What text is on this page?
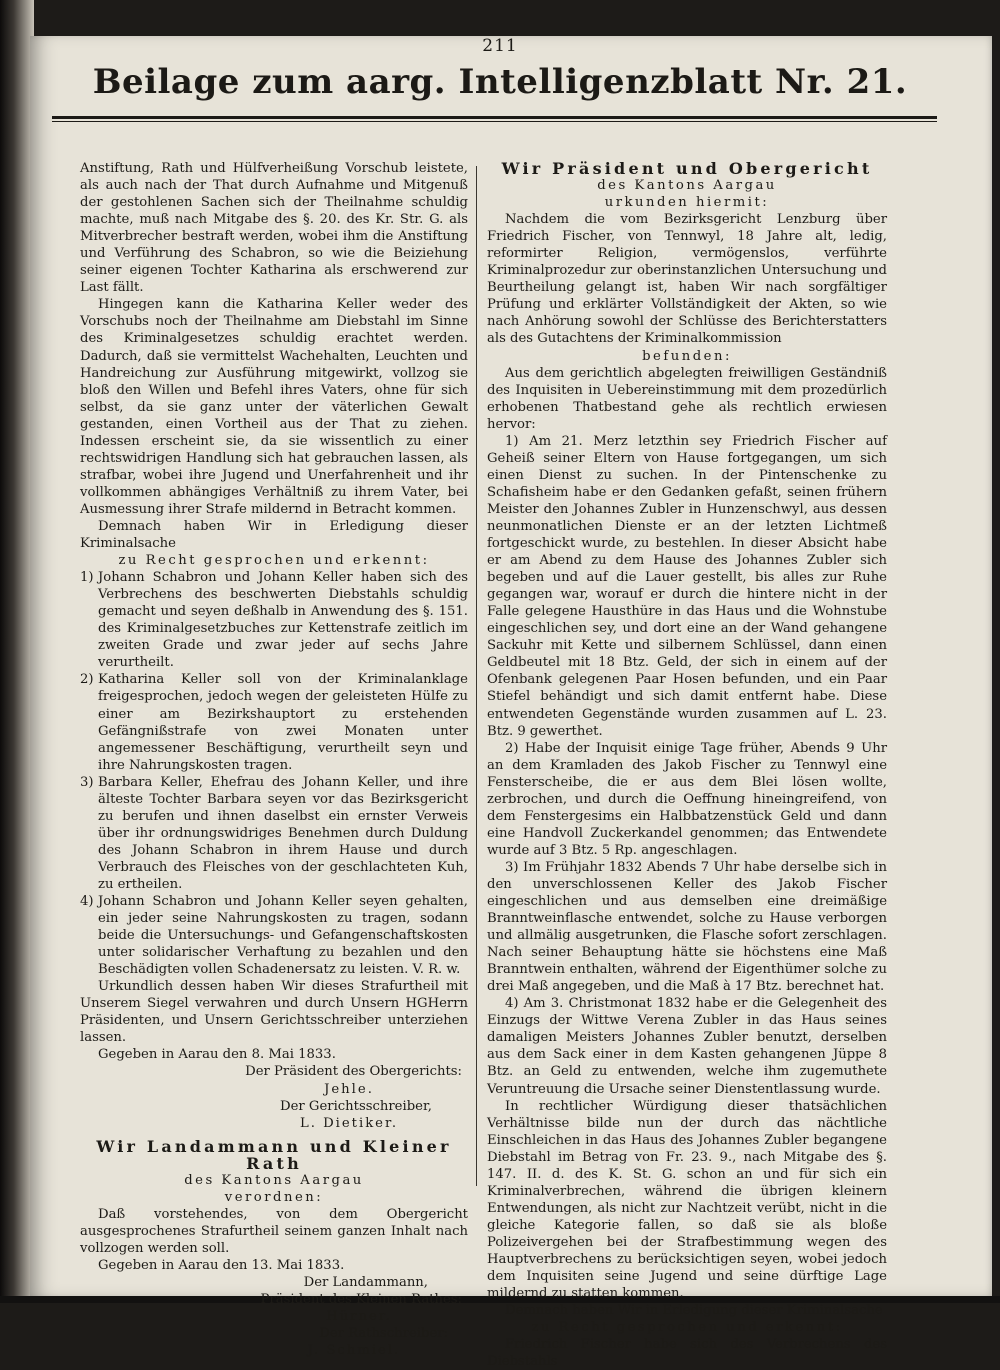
211
Beilage zum aarg. Intelligenzblatt Nr. 21.

Anstiftung, Rath und Hülfverheißung Vorschub leistete, als auch nach der That durch Aufnahme und Mitgenuß der gestohlenen Sachen sich der Theilnahme schuldig machte, muß nach Mitgabe des §. 20. des Kr. Str. G. als Mitverbrecher bestraft werden, wobei ihm die Anstiftung und Verführung des Schabron, so wie die Beiziehung seiner eigenen Tochter Katharina als erschwerend zur Last fällt.

Hingegen kann die Katharina Keller weder des Vorschubs noch der Theilnahme am Diebstahl im Sinne des Kriminalgesetzes schuldig erachtet werden. Dadurch, daß sie vermittelst Wachehalten, Leuchten und Handreichung zur Ausführung mitgewirkt, vollzog sie bloß den Willen und Befehl ihres Vaters, ohne für sich selbst, da sie ganz unter der väterlichen Gewalt gestanden, einen Vortheil aus der That zu ziehen. Indessen erscheint sie, da sie wissentlich zu einer rechtswidrigen Handlung sich hat gebrauchen lassen, als strafbar, wobei ihre Jugend und Unerfahrenheit und ihr vollkommen abhängiges Verhältniß zu ihrem Vater, bei Ausmessung ihrer Strafe mildernd in Betracht kommen.

Demnach haben Wir in Erledigung dieser Kriminalsache

zu Recht gesprochen und erkennt:

1) Johann Schabron und Johann Keller haben sich des Verbrechens des beschwerten Diebstahls schuldig gemacht und seyen deßhalb in Anwendung des §. 151. des Kriminalgesetzbuches zur Kettenstrafe zeitlich im zweiten Grade und zwar jeder auf sechs Jahre verurtheilt.
2) Katharina Keller soll von der Kriminalanklage freigesprochen, jedoch wegen der geleisteten Hülfe zu einer am Bezirkshauptort zu erstehenden Gefängnißstrafe von zwei Monaten unter angemessener Beschäftigung, verurtheilt seyn und ihre Nahrungskosten tragen.
3) Barbara Keller, Ehefrau des Johann Keller, und ihre älteste Tochter Barbara seyen vor das Bezirksgericht zu berufen und ihnen daselbst ein ernster Verweis über ihr ordnungswidriges Benehmen durch Duldung des Johann Schabron in ihrem Hause und durch Verbrauch des Fleisches von der geschlachteten Kuh, zu ertheilen.
4) Johann Schabron und Johann Keller seyen gehalten, ein jeder seine Nahrungskosten zu tragen, sodann beide die Untersuchungs- und Gefangenschaftskosten unter solidarischer Verhaftung zu bezahlen und den Beschädigten vollen Schadenersatz zu leisten. V. R. w.

Urkundlich dessen haben Wir dieses Strafurtheil mit Unserem Siegel verwahren und durch Unsern HGHerrn Präsidenten, und Unsern Gerichtsschreiber unterziehen lassen.

Gegeben in Aarau den 8. Mai 1833.

Der Präsident des Obergerichts:

Jehle.

Der Gerichtsschreiber,

L. Dietiker.

Wir Landammann und Kleiner Rath

des Kantons Aargau

verordnen:

Daß vorstehendes, von dem Obergericht ausgesprochenes Strafurtheil seinem ganzen Inhalt nach vollzogen werden soll.

Gegeben in Aarau den 13. Mai 1833.

Der Landammann,

Präsident des Kleinen Rathes:

Hürner.

Der Rathschreiber:

J. Schmiel.

Wir Präsident und Obergericht

des Kantons Aargau

urkunden hiermit:

Nachdem die vom Bezirksgericht Lenzburg über Friedrich Fischer, von Tennwyl, 18 Jahre alt, ledig, reformirter Religion, vermögenslos, verführte Kriminalprozedur zur oberinstanzlichen Untersuchung und Beurtheilung gelangt ist, haben Wir nach sorgfältiger Prüfung und erklärter Vollständigkeit der Akten, so wie nach Anhörung sowohl der Schlüsse des Berichterstatters als des Gutachtens der Kriminalkommission

befunden:

Aus dem gerichtlich abgelegten freiwilligen Geständniß des Inquisiten in Uebereinstimmung mit dem prozedürlich erhobenen Thatbestand gehe als rechtlich erwiesen hervor:

1) Am 21. Merz letzthin sey Friedrich Fischer auf Geheiß seiner Eltern von Hause fortgegangen, um sich einen Dienst zu suchen. In der Pintenschenke zu Schafisheim habe er den Gedanken gefaßt, seinen frühern Meister den Johannes Zubler in Hunzenschwyl, aus dessen neunmonatlichen Dienste er an der letzten Lichtmeß fortgeschickt wurde, zu bestehlen. In dieser Absicht habe er am Abend zu dem Hause des Johannes Zubler sich begeben und auf die Lauer gestellt, bis alles zur Ruhe gegangen war, worauf er durch die hintere nicht in der Falle gelegene Hausthüre in das Haus und die Wohnstube eingeschlichen sey, und dort eine an der Wand gehangene Sackuhr mit Kette und silbernem Schlüssel, dann einen Geldbeutel mit 18 Btz. Geld, der sich in einem auf der Ofenbank gelegenen Paar Hosen befunden, und ein Paar Stiefel behändigt und sich damit entfernt habe. Diese entwendeten Gegenstände wurden zusammen auf L. 23. Btz. 9 gewerthet.

2) Habe der Inquisit einige Tage früher, Abends 9 Uhr an dem Kramladen des Jakob Fischer zu Tennwyl eine Fensterscheibe, die er aus dem Blei lösen wollte, zerbrochen, und durch die Oeffnung hineingreifend, von dem Fenstergesims ein Halbbatzenstück Geld und dann eine Handvoll Zuckerkandel genommen; das Entwendete wurde auf 3 Btz. 5 Rp. angeschlagen.

3) Im Frühjahr 1832 Abends 7 Uhr habe derselbe sich in den unverschlossenen Keller des Jakob Fischer eingeschlichen und aus demselben eine dreimäßige Branntweinflasche entwendet, solche zu Hause verborgen und allmälig ausgetrunken, die Flasche sofort zerschlagen. Nach seiner Behauptung hätte sie höchstens eine Maß Branntwein enthalten, während der Eigenthümer solche zu drei Maß angegeben, und die Maß à 17 Btz. berechnet hat.

4) Am 3. Christmonat 1832 habe er die Gelegenheit des Einzugs der Wittwe Verena Zubler in das Haus seines damaligen Meisters Johannes Zubler benutzt, derselben aus dem Sack einer in dem Kasten gehangenen Jüppe 8 Btz. an Geld zu entwenden, welche ihm zugemuthete Veruntreuung die Ursache seiner Dienstentlassung wurde.

In rechtlicher Würdigung dieser thatsächlichen Verhältnisse bilde nun der durch das nächtliche Einschleichen in das Haus des Johannes Zubler begangene Diebstahl im Betrag von Fr. 23. 9., nach Mitgabe des §. 147. II. d. des K. St. G. schon an und für sich ein Kriminalverbrechen, während die übrigen kleinern Entwendungen, als nicht zur Nachtzeit verübt, nicht in die gleiche Kategorie fallen, so daß sie als bloße Polizeivergehen bei der Strafbestimmung wegen des Hauptverbrechens zu berücksichtigen seyen, wobei jedoch dem Inquisiten seine Jugend und seine dürftige Lage mildernd zu statten kommen.

Demnach haben Wir in Erledigung dieser Kriminalsache

zu Recht gesprochen und erkennt:

Friedrich Fischer habe sich des Verbrechens des Diebstahls
